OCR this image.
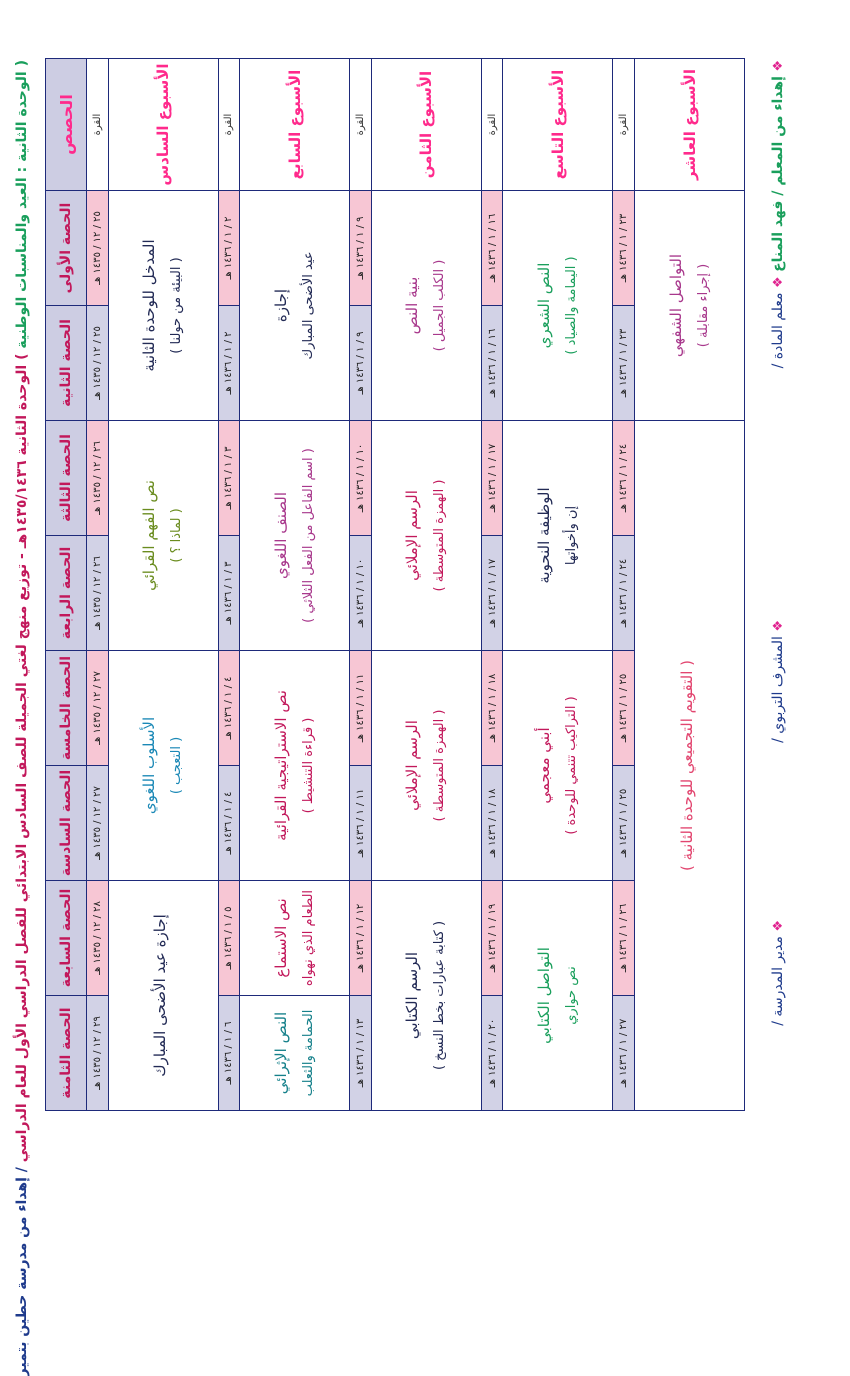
( الوحدة الثانية : العيد والمناسبات الوطنية ) الوحدة الثانية ١٤٣٥/١٤٣٦هـ - توزيع منهج لغتي الجميلة للصف السادس الابتدائي للفصل الدراسي الأول للعام الدراسي / إهداء من مدرسة حطين بتمير
الحصص	الحصة الأولى	الحصة الثانية	الحصة الثالثة	الحصة الرابعة	الحصة الخامسة	الحصة السادسة	الحصة السابعة	الحصة الثامنة
القرة	٢٥ / ١٢ / ١٤٣٥ هـ	٢٥ / ١٢ / ١٤٣٥ هـ	٢٦ / ١٢ / ١٤٣٥ هـ	٢٦ / ١٢ / ١٤٣٥ هـ	٢٧ / ١٢ / ١٤٣٥ هـ	٢٧ / ١٢ / ١٤٣٥ هـ	٢٨ / ١٢ / ١٤٣٥ هـ	٢٩ / ١٢ / ١٤٣٥ هـ
الأسبوع السادس	المدخل للوحدة الثانية ( البيئة من حولنا )		نص الفهم القرائي ( لماذا ؟ )		الأسلوب اللغوي ( التعجب )		إجازة عيد الأضحى المبارك	

القرة	٢ / ١ / ١٤٣٦ هـ	٢ / ١ / ١٤٣٦ هـ	٣ / ١ / ١٤٣٦ هـ	٣ / ١ / ١٤٣٦ هـ	٤ / ١ / ١٤٣٦ هـ	٤ / ١ / ١٤٣٦ هـ	٥ / ١ / ١٤٣٦ هـ	٦ / ١ / ١٤٣٦ هـ
الأسبوع السابع	إجازة عيد الأضحى المبارك		الصنف اللغوي ( اسم الفاعل من الفعل الثلاثي )		نص الاستراتيجية القرائية ( قراءة التنشيط )		نص الاستماع الطعام الذي نهواه	النص الإثرائي الحمامة والثعلب

القرة	٩ / ١ / ١٤٣٦ هـ	٩ / ١ / ١٤٣٦ هـ	١٠ / ١ / ١٤٣٦ هـ	١٠ / ١ / ١٤٣٦ هـ	١١ / ١ / ١٤٣٦ هـ	١١ / ١ / ١٤٣٦ هـ	١٢ / ١ / ١٤٣٦ هـ	١٣ / ١ / ١٤٣٦ هـ
الأسبوع الثامن	بنية النص ( الكلب الجميل )		الرسم الإملائي ( الهمزة المتوسطة )		الرسم الإملائي ( الهمزة المتوسطة )		الرسم الكتابي ( كتابة عبارات بخط النسخ )	

القرة	١٦ / ١ / ١٤٣٦ هـ	١٦ / ١ / ١٤٣٦ هـ	١٧ / ١ / ١٤٣٦ هـ	١٧ / ١ / ١٤٣٦ هـ	١٨ / ١ / ١٤٣٦ هـ	١٨ / ١ / ١٤٣٦ هـ	١٩ / ١ / ١٤٣٦ هـ	٢٠ / ١ / ١٤٣٦ هـ
الأسبوع التاسع	النص الشعري ( اليمامة والصياد )		الوظيفة النحوية إن وأخواتها		أبني معجمي ( التراكيب تتنمي للوحدة )		التواصل الكتابي نص حواري	

القرة	٢٣ / ١ / ١٤٣٦ هـ	٢٣ / ١ / ١٤٣٦ هـ	٢٤ / ١ / ١٤٣٦ هـ	٢٤ / ١ / ١٤٣٦ هـ	٢٥ / ١ / ١٤٣٦ هـ	٢٥ / ١ / ١٤٣٦ هـ	٢٦ / ١ / ١٤٣٦ هـ	٢٧ / ١ / ١٤٣٦ هـ
الأسبوع العاشر	التواصل الشفهي ( إجراء مقابلة )		( التقويم التجميعي للوحدة الثانية )					
❖ إهداء من المعلم / فهد المناع ❖ معلم المادة /
❖ المشرف التربوي /
❖ مدير المدرسة /
